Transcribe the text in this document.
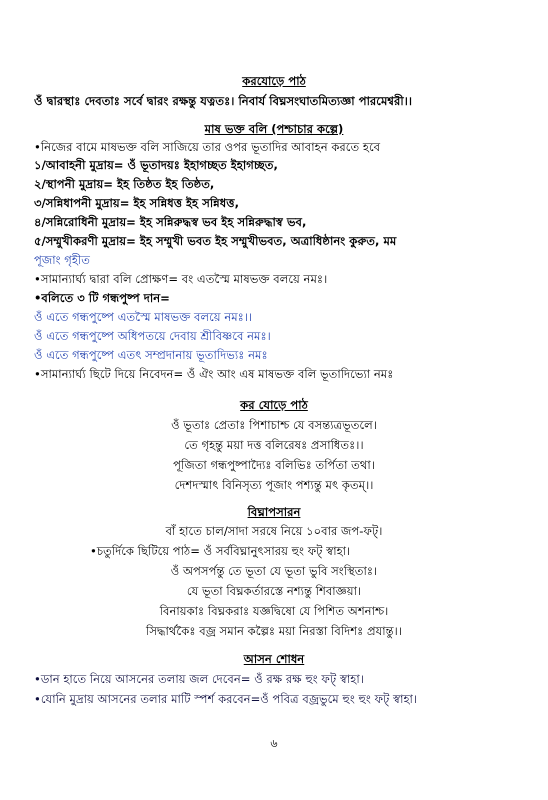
করযোড়ে পাঠ
ওঁ দ্বারস্থাঃ দেবতাঃ সর্বে দ্বারং রক্ষন্তু যত্নতঃ। নিবার্য বিঘ্নসংঘাতমিত্যজ্ঞা পারমেশ্বরী।।
মাষ ভক্ত বলি (পশ্চাচার কল্পে)
•নিজের বামে মাষভক্ত বলি সাজিয়ে তার ওপর ভূতাদির আবাহন করতে হবে
১/আবাহনী মুদ্রায়= ওঁ ভূতাদয়ঃ ইহাগচ্ছত ইহাগচ্ছত,
২/স্থাপনী মুদ্রায়= ইহ তিষ্ঠত ইহ তিষ্ঠত,
৩/সন্নিধাপনী মুদ্রায়= ইহ সন্নিধত্ত ইহ সন্নিধত্ত,
৪/সন্নিরোধিনী মুদ্রায়= ইহ সন্নিরুদ্ধস্ব ভব ইহ সন্নিরুদ্ধাস্ব ভব,
৫/সম্মুখীকরণী মুদ্রায়= ইহ সম্মুখী ভবত ইহ সম্মুখীভবত, অত্রাধিষ্ঠানং কুরুত, মম
পূজাং গৃহীত
•সামান্যার্ঘ্য দ্বারা বলি প্রোক্ষণ= বং এতস্মৈ মাষভক্ত বলয়ে নমঃ।
•বলিতে ৩ টি গন্ধপুষ্প দান=
ওঁ এতে গন্ধপুষ্পে এতস্মৈ মাষভক্ত বলয়ে নমঃ।।
ওঁ এতে গন্ধপুষ্পে অধিপতয়ে দেবায় শ্রীবিষ্ণবে নমঃ।
ওঁ এতে গন্ধপুষ্পে এতৎ সম্প্রদানায় ভূতাদিভ্যঃ নমঃ
•সামান্যার্ঘ্য ছিটে দিয়ে নিবেদন= ওঁ ঐং আং এষ মাষভক্ত বলি ভূতাদিভ্যো নমঃ
কর যোড়ে পাঠ
ওঁ ভূতাঃ প্রেতাঃ পিশাচাশ্চ যে বসন্ত্যত্রভূতলে।
তে গৃহন্তু ময়া দত্ত বলিরেষঃ প্রসাধিতঃ।।
পূজিতা গন্ধপুষ্পাদ্যৈঃ বলিভিঃ তর্পিতা তথা।
দেশদস্মাৎ বিনিসৃত্য পূজাং পশ্যন্তু মৎ কৃতম্।।
বিঘ্নাপসারন
বাঁ হাতে চাল/সাদা সরষে নিয়ে ১০বার জপ-ফট্।
•চতুর্দিকে ছিটিয়ে পাঠ= ওঁ সর্ববিঘ্নানুৎসারয় হুং ফট্ স্বাহা।
ওঁ অপসর্পন্তু তে ভূতা যে ভূতা ভুবি সংস্থিতাঃ।
যে ভূতা বিঘ্নকর্তারস্তে নশ্যন্তু শিবাজ্ঞয়া।
বিনায়কাঃ বিঘ্নকরাঃ যজ্ঞদ্বিষো যে পিশিত অশনাশ্চ।
সিদ্ধার্থকৈঃ বজ্র সমান কল্পৈঃ ময়া নিরস্তা বিদিশঃ প্রযান্তু।।
আসন শোধন
•ডান হাতে নিয়ে আসনের তলায় জল দেবেন= ওঁ রক্ষ রক্ষ হুং ফট্ স্বাহা।
•যোনি মুদ্রায় আসনের তলার মাটি স্পর্শ করবেন=ওঁ পবিত্র বজ্রভুমে হুং হুং ফট্ স্বাহা।
৬
